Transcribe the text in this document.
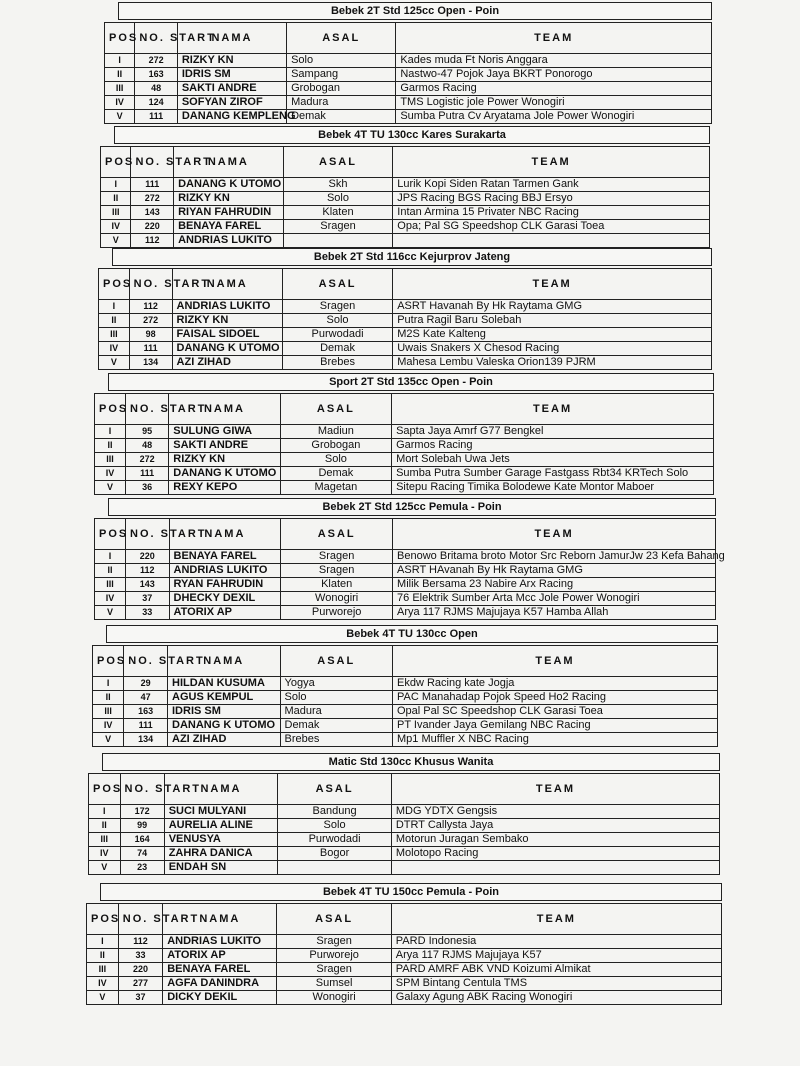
Bebek 2T Std 125cc Open - Poin
POS	NO. START	NAMA	ASAL	TEAM
I	272	RIZKY KN	Solo	Kades muda Ft Noris Anggara
II	163	IDRIS SM	Sampang	Nastwo-47 Pojok Jaya BKRT Ponorogo
III	48	SAKTI ANDRE	Grobogan	Garmos Racing
IV	124	SOFYAN ZIROF	Madura	TMS Logistic jole Power Wonogiri
V	111	DANANG KEMPLENG	Demak	Sumba Putra Cv Aryatama Jole Power Wonogiri
Bebek 4T TU 130cc Kares Surakarta
POS	NO. START	NAMA	ASAL	TEAM
I	111	DANANG K UTOMO	Skh	Lurik Kopi Siden Ratan Tarmen Gank
II	272	RIZKY KN	Solo	JPS Racing BGS Racing BBJ Ersyo
III	143	RIYAN FAHRUDIN	Klaten	Intan Armina 15 Privater NBC Racing
IV	220	BENAYA FAREL	Sragen	Opa; Pal SG Speedshop CLK Garasi Toea
V	112	ANDRIAS LUKITO		
Bebek 2T Std 116cc Kejurprov Jateng
POS	NO. START	NAMA	ASAL	TEAM
I	112	ANDRIAS LUKITO	Sragen	ASRT Havanah By Hk Raytama GMG
II	272	RIZKY KN	Solo	Putra Ragil Baru Solebah
III	98	FAISAL SIDOEL	Purwodadi	M2S Kate Kalteng
IV	111	DANANG K UTOMO	Demak	Uwais Snakers X Chesod Racing
V	134	AZI ZIHAD	Brebes	Mahesa Lembu Valeska Orion139 PJRM
Sport 2T Std 135cc Open - Poin
POS	NO. START	NAMA	ASAL	TEAM
I	95	SULUNG GIWA	Madiun	Sapta Jaya Amrf G77 Bengkel
II	48	SAKTI ANDRE	Grobogan	Garmos Racing
III	272	RIZKY KN	Solo	Mort Solebah Uwa Jets
IV	111	DANANG K UTOMO	Demak	Sumba Putra Sumber Garage Fastgass Rbt34 KRTech Solo
V	36	REXY KEPO	Magetan	Sitepu Racing Timika Bolodewe Kate Montor Maboer
Bebek 2T Std 125cc Pemula - Poin
POS	NO. START	NAMA	ASAL	TEAM
I	220	BENAYA FAREL	Sragen	Benowo Britama broto Motor Src Reborn JamurJw 23 Kefa Bahang
II	112	ANDRIAS LUKITO	Sragen	ASRT HAvanah By Hk Raytama GMG
III	143	RYAN FAHRUDIN	Klaten	Milik Bersama 23 Nabire Arx Racing
IV	37	DHECKY DEXIL	Wonogiri	76 Elektrik Sumber Arta Mcc Jole Power Wonogiri
V	33	ATORIX AP	Purworejo	Arya 117 RJMS Majujaya K57 Hamba Allah
Bebek 4T TU 130cc Open
POS	NO. START	NAMA	ASAL	TEAM
I	29	HILDAN KUSUMA	Yogya	Ekdw Racing kate Jogja
II	47	AGUS KEMPUL	Solo	PAC Manahadap Pojok Speed Ho2 Racing
III	163	IDRIS SM	Madura	Opal Pal SC Speedshop CLK Garasi Toea
IV	111	DANANG K UTOMO	Demak	PT Ivander Jaya Gemilang NBC Racing
V	134	AZI ZIHAD	Brebes	Mp1 Muffler X NBC Racing
Matic Std 130cc Khusus Wanita
POS	NO. START	NAMA	ASAL	TEAM
I	172	SUCI MULYANI	Bandung	MDG YDTX Gengsis
II	99	AURELIA ALINE	Solo	DTRT Callysta Jaya
III	164	VENUSYA	Purwodadi	Motorun Juragan Sembako
IV	74	ZAHRA DANICA	Bogor	Molotopo Racing
V	23	ENDAH SN		
Bebek 4T TU 150cc Pemula - Poin
POS	NO. START	NAMA	ASAL	TEAM
I	112	ANDRIAS LUKITO	Sragen	PARD Indonesia
II	33	ATORIX AP	Purworejo	Arya 117 RJMS Majujaya K57
III	220	BENAYA FAREL	Sragen	PARD AMRF ABK VND Koizumi Almikat
IV	277	AGFA DANINDRA	Sumsel	SPM Bintang Centula TMS
V	37	DICKY DEKIL	Wonogiri	Galaxy Agung ABK Racing Wonogiri
